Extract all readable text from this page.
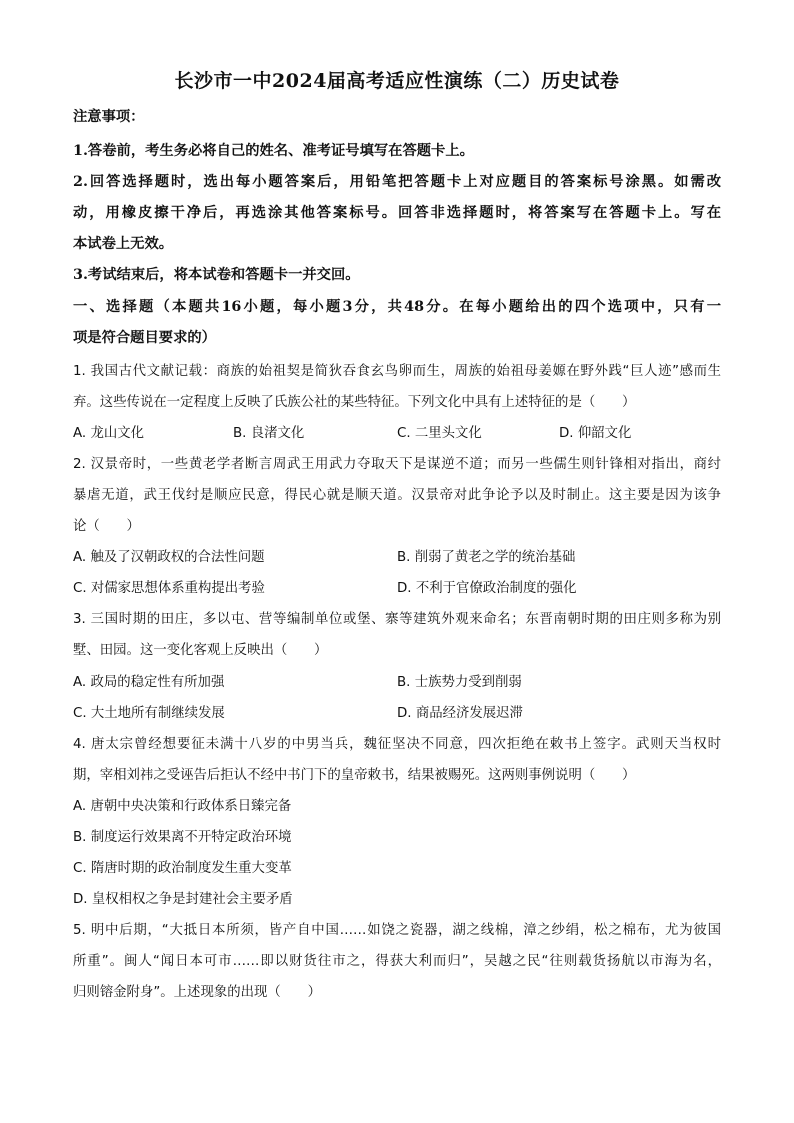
长沙市一中2024届高考适应性演练（二）历史试卷
注意事项：
1.答卷前，考生务必将自己的姓名、准考证号填写在答题卡上。
2.回答选择题时，选出每小题答案后，用铅笔把答题卡上对应题目的答案标号涂黑。如需改
动，用橡皮擦干净后，再选涂其他答案标号。回答非选择题时，将答案写在答题卡上。写在
本试卷上无效。
3.考试结束后，将本试卷和答题卡一并交回。
一、选择题（本题共16小题，每小题3分，共48分。在每小题给出的四个选项中，只有一
项是符合题目要求的）
1. 我国古代文献记载：商族的始祖契是简狄吞食玄鸟卵而生，周族的始祖母姜嫄在野外践“巨人迹”感而生
弃。这些传说在一定程度上反映了氏族公社的某些特征。下列文化中具有上述特征的是（　　）
A. 龙山文化	B. 良渚文化	C. 二里头文化	D. 仰韶文化
2. 汉景帝时，一些黄老学者断言周武王用武力夺取天下是谋逆不道；而另一些儒生则针锋相对指出，商纣
暴虐无道，武王伐纣是顺应民意，得民心就是顺天道。汉景帝对此争论予以及时制止。这主要是因为该争
论（　　）
A. 触及了汉朝政权的合法性问题	B. 削弱了黄老之学的统治基础
C. 对儒家思想体系重构提出考验	D. 不利于官僚政治制度的强化
3. 三国时期的田庄，多以屯、营等编制单位或堡、寨等建筑外观来命名；东晋南朝时期的田庄则多称为别
墅、田园。这一变化客观上反映出（　　）
A. 政局的稳定性有所加强	B. 士族势力受到削弱
C. 大土地所有制继续发展	D. 商品经济发展迟滞
4. 唐太宗曾经想要征未满十八岁的中男当兵，魏征坚决不同意，四次拒绝在敕书上签字。武则天当权时
期，宰相刘祎之受诬告后拒认不经中书门下的皇帝敕书，结果被赐死。这两则事例说明（　　）
A. 唐朝中央决策和行政体系日臻完备
B. 制度运行效果离不开特定政治环境
C. 隋唐时期的政治制度发生重大变革
D. 皇权相权之争是封建社会主要矛盾
5. 明中后期，“大抵日本所须，皆产自中国……如饶之瓷器，湖之线棉，漳之纱绢，松之棉布，尤为彼国
所重”。闽人“闻日本可市……即以财货往市之，得获大利而归”，吴越之民“往则载货扬航以市海为名，
归则镕金附身”。上述现象的出现（　　）
